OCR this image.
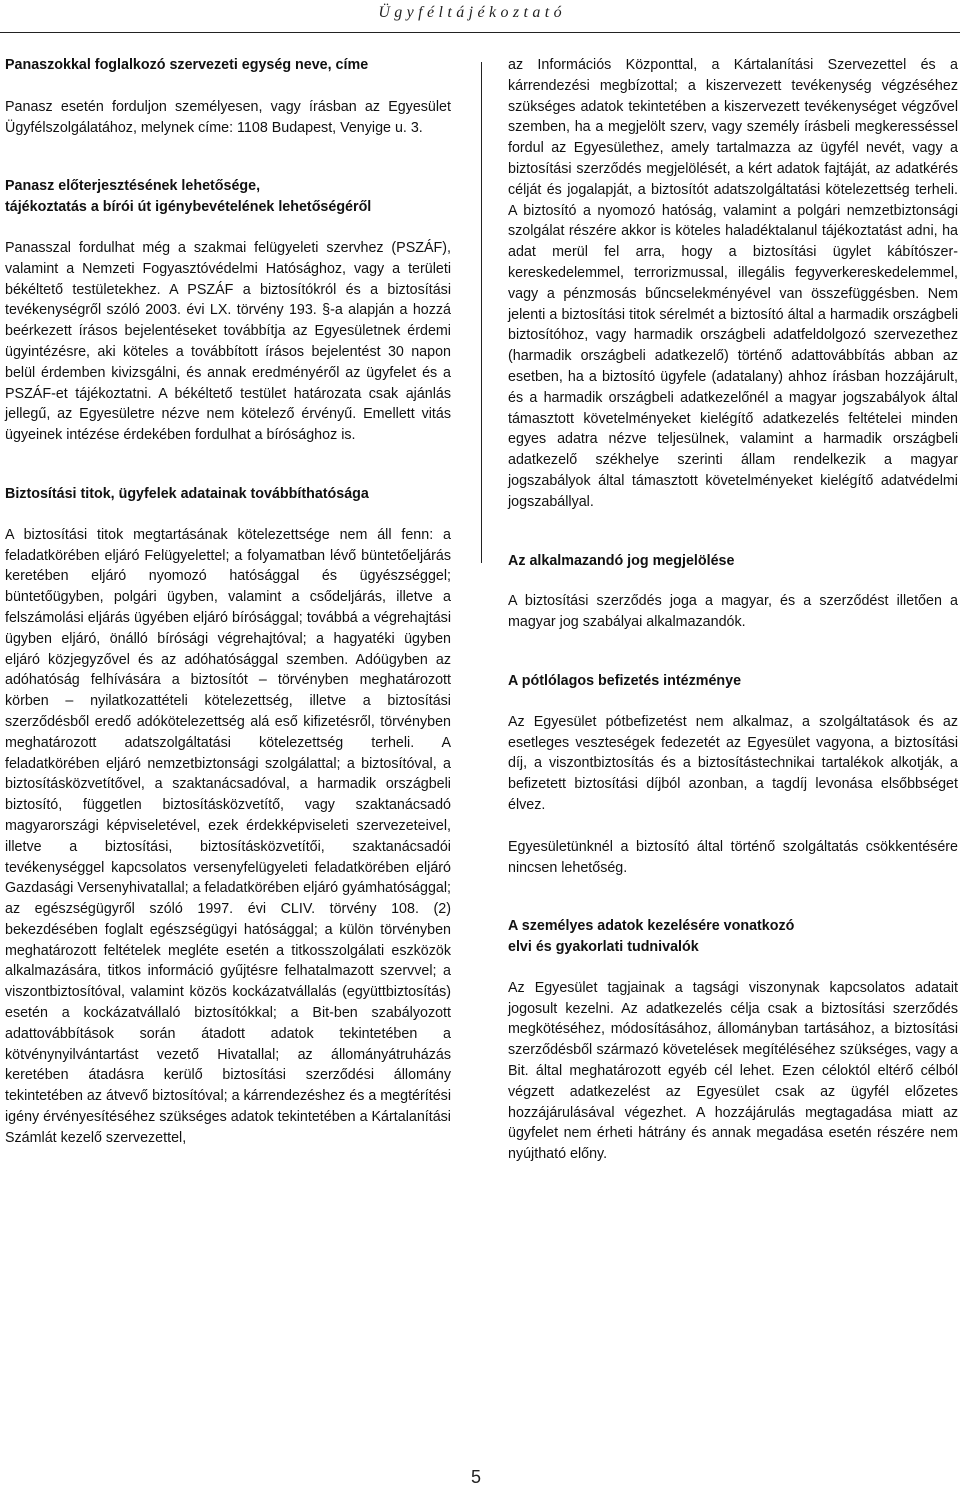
Ügyféltájékoztató
Panaszokkal foglalkozó szervezeti egység neve, címe

Panasz esetén forduljon személyesen, vagy írásban az Egyesület Ügyfélszolgálatához, melynek címe: 1108 Budapest, Venyige u. 3.

Panasz előterjesztésének lehetősége,
tájékoztatás a bírói út igénybevételének lehetőségéről

Panasszal fordulhat még a szakmai felügyeleti szervhez (PSZÁF), valamint a Nemzeti Fogyasztóvédelmi Hatósághoz, vagy a területi békéltető testületekhez. A PSZÁF a biztosítókról és a biztosítási tevékenységről szóló 2003. évi LX. törvény 193. §-a alapján a hozzá beérkezett írásos bejelentéseket továbbítja az Egyesületnek érdemi ügyintézésre, aki köteles a továbbított írásos bejelentést 30 napon belül érdemben kivizsgálni, és annak eredményéről az ügyfelet és a PSZÁF-et tájékoztatni. A békéltető testület határozata csak ajánlás jellegű, az Egyesületre nézve nem kötelező érvényű. Emellett vitás ügyeinek intézése érdekében fordulhat a bírósághoz is.

Biztosítási titok, ügyfelek adatainak továbbíthatósága

A biztosítási titok megtartásának kötelezettsége nem áll fenn: a feladatkörében eljáró Felügyelettel; a folyamatban lévő büntetőeljárás keretében eljáró nyomozó hatósággal és ügyészséggel; büntetőügyben, polgári ügyben, valamint a csődeljárás, illetve a felszámolási eljárás ügyében eljáró bírósággal; továbbá a végrehajtási ügyben eljáró, önálló bírósági végrehajtóval; a hagyatéki ügyben eljáró közjegyzővel és az adóhatósággal szemben. Adóügyben az adóhatóság felhívására a biztosítót – törvényben meghatározott körben – nyilatkozattételi kötelezettség, illetve a biztosítási szerződésből eredő adókötelezettség alá eső kifizetésről, törvényben meghatározott adatszolgáltatási kötelezettség terheli. A feladatkörében eljáró nemzetbiztonsági szolgálattal; a biztosítóval, a biztosításközvetítővel, a szaktanácsadóval, a harmadik országbeli biztosító, független biztosításközvetítő, vagy szaktanácsadó magyarországi képviseletével, ezek érdekképviseleti szervezeteivel, illetve a biztosítási, biztosításközvetítői, szaktanácsadói tevékenységgel kapcsolatos versenyfelügyeleti feladatkörében eljáró Gazdasági Versenyhivatallal; a feladatkörében eljáró gyámhatósággal; az egészségügyről szóló 1997. évi CLIV. törvény 108. (2) bekezdésében foglalt egészségügyi hatósággal; a külön törvényben meghatározott feltételek megléte esetén a titkosszolgálati eszközök alkalmazására, titkos információ gyűjtésre felhatalmazott szervvel; a viszontbiztosítóval, valamint közös kockázatvállalás (együttbiztosítás) esetén a kockázatvállaló biztosítókkal; a Bit-ben szabályozott adattovábbítások során átadott adatok tekintetében a kötvénynyilvántartást vezető Hivatallal; az állományátruházás keretében átadásra kerülő biztosítási szerződési állomány tekintetében az átvevő biztosítóval; a kárrendezéshez és a megtérítési igény érvényesítéséhez szükséges adatok tekintetében a Kártalanítási Számlát kezelő szervezettel,

az Információs Központtal, a Kártalanítási Szervezettel és a kárrendezési megbízottal; a kiszervezett tevékenység végzéséhez szükséges adatok tekintetében a kiszervezett tevékenységet végzővel szemben, ha a megjelölt szerv, vagy személy írásbeli megkeresséssel fordul az Egyesülethez, amely tartalmazza az ügyfél nevét, vagy a biztosítási szerződés megjelölését, a kért adatok fajtáját, az adatkérés célját és jogalapját, a biztosítót adatszolgáltatási kötelezettség terheli. A biztosító a nyomozó hatóság, valamint a polgári nemzetbiztonsági szolgálat részére akkor is köteles haladéktalanul tájékoztatást adni, ha adat merül fel arra, hogy a biztosítási ügylet kábítószer-kereskedelemmel, terrorizmussal, illegális fegyverkereskedelemmel, vagy a pénzmosás bűncselekményével van összefüggésben. Nem jelenti a biztosítási titok sérelmét a biztosító által a harmadik országbeli biztosítóhoz, vagy harmadik országbeli adatfeldolgozó szervezethez (harmadik országbeli adatkezelő) történő adattovábbítás abban az esetben, ha a biztosító ügyfele (adatalany) ahhoz írásban hozzájárult, és a harmadik országbeli adatkezelőnél a magyar jogszabályok által támasztott követelményeket kielégítő adatkezelés feltételei minden egyes adatra nézve teljesülnek, valamint a harmadik országbeli adatkezelő székhelye szerinti állam rendelkezik a magyar jogszabályok által támasztott követelményeket kielégítő adatvédelmi jogszabállyal.

Az alkalmazandó jog megjelölése

A biztosítási szerződés joga a magyar, és a szerződést illetően a magyar jog szabályai alkalmazandók.

A pótlólagos befizetés intézménye

Az Egyesület pótbefizetést nem alkalmaz, a szolgáltatások és az esetleges veszteségek fedezetét az Egyesület vagyona, a biztosítási díj, a viszontbiztosítás és a biztosítástechnikai tartalékok alkotják, a befizetett biztosítási díjból azonban, a tagdíj levonása elsőbbséget élvez.

Egyesületünknél a biztosító által történő szolgáltatás csökkentésére nincsen lehetőség.

A személyes adatok kezelésére vonatkozó
elvi és gyakorlati tudnivalók

Az Egyesület tagjainak a tagsági viszonynak kapcsolatos adatait jogosult kezelni. Az adatkezelés célja csak a biztosítási szerződés megkötéséhez, módosításához, állományban tartásához, a biztosítási szerződésből származó követelések megítéléséhez szükséges, vagy a Bit. által meghatározott egyéb cél lehet. Ezen céloktól eltérő célból végzett adatkezelést az Egyesület csak az ügyfél előzetes hozzájárulásával végezhet. A hozzájárulás megtagadása miatt az ügyfelet nem érheti hátrány és annak megadása esetén részére nem nyújtható előny.

5
